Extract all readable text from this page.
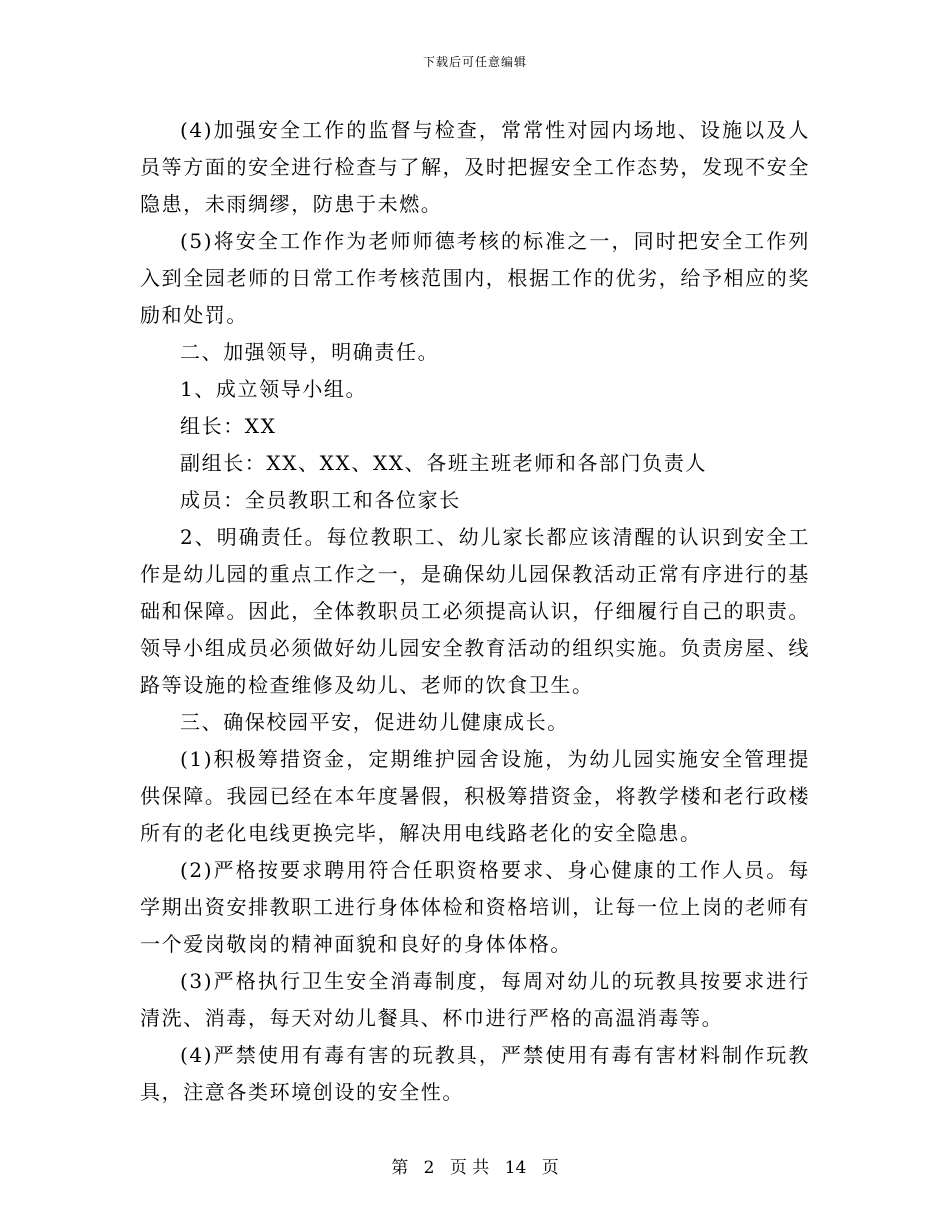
下载后可任意编辑

(4)加强安全工作的监督与检查，常常性对园内场地、设施以及人员等方面的安全进行检查与了解，及时把握安全工作态势，发现不安全隐患，未雨绸缪，防患于未燃。

(5)将安全工作作为老师师德考核的标准之一，同时把安全工作列入到全园老师的日常工作考核范围内，根据工作的优劣，给予相应的奖励和处罚。

二、加强领导，明确责任。

1、成立领导小组。

组长：XX

副组长：XX、XX、XX、各班主班老师和各部门负责人

成员：全员教职工和各位家长

2、明确责任。每位教职工、幼儿家长都应该清醒的认识到安全工作是幼儿园的重点工作之一，是确保幼儿园保教活动正常有序进行的基础和保障。因此，全体教职员工必须提高认识，仔细履行自己的职责。领导小组成员必须做好幼儿园安全教育活动的组织实施。负责房屋、线路等设施的检查维修及幼儿、老师的饮食卫生。

三、确保校园平安，促进幼儿健康成长。

(1)积极筹措资金，定期维护园舍设施，为幼儿园实施安全管理提供保障。我园已经在本年度暑假，积极筹措资金，将教学楼和老行政楼所有的老化电线更换完毕，解决用电线路老化的安全隐患。

(2)严格按要求聘用符合任职资格要求、身心健康的工作人员。每学期出资安排教职工进行身体体检和资格培训，让每一位上岗的老师有一个爱岗敬岗的精神面貌和良好的身体体格。

(3)严格执行卫生安全消毒制度，每周对幼儿的玩教具按要求进行清洗、消毒，每天对幼儿餐具、杯巾进行严格的高温消毒等。

(4)严禁使用有毒有害的玩教具，严禁使用有毒有害材料制作玩教具，注意各类环境创设的安全性。

第 2 页 共 14 页
